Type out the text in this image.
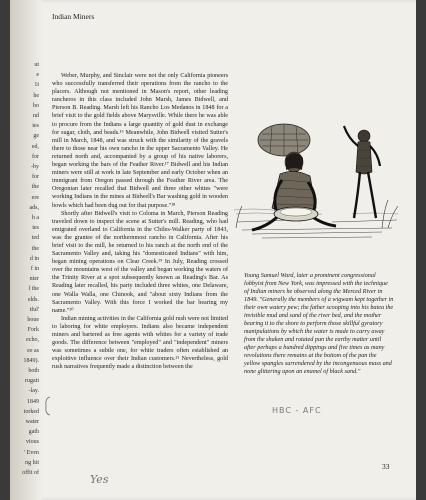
ut
e
1t
he
ho
nd
tes
ge
ed,
for
-by
for
the
ere
ads,
h a
tes
ted
the
d in
f in
nter
l the
elds.
tful'
boue
Fork
echo,
ee as
1849).
both
rugati
-lay.
1849
torked
water
gath
vious
' Even
ng hit
offit of
Indian Miners

Weber, Murphy, and Sinclair were not the only California pioneers who successfully transferred their operations from the rancho to the placers. Although not mentioned in Mason's report, other leading rancheros in this class included John Marsh, James Bidwell, and Pierson B. Reading. Marsh left his Rancho Los Medanos in 1848 for a brief visit to the gold fields above Marysville. While there he was able to procure from the Indians a large quantity of gold dust in exchange for sugar, cloth, and beads.¹⁶ Meanwhile, John Bidwell visited Sutter's mill in March, 1848, and was struck with the similarity of the gravels there to those near his own rancho in the upper Sacramento Valley. He returned north and, accompanied by a group of his native laborers, began working the bars of the Feather River.¹⁷ Bidwell and his Indian miners were still at work in late September and early October when an immigrant from Oregon passed through the Feather River area. The Oregonian later recalled that Bidwell and three other whites "were working Indians in the mines at Bidwell's Bar washing gold in wooden bowls which had been dug out for that purpose."¹⁸

Shortly after Bidwell's visit to Coloma in March, Pierson Reading traveled down to inspect the scene at Sutter's mill. Reading, who had emigrated overland to California in the Chiles-Walker party of 1843, was the grantee of the northernmost rancho in California. After his brief visit to the mill, he returned to his ranch at the north end of the Sacramento Valley and, taking his "domesticated Indians" with him, began mining operations on Clear Creek.¹⁹ In July, Reading crossed over the mountains west of the valley and began working the waters of the Trinity River at a spot subsequently known as Reading's Bar. As Reading later recalled, his party included three whites, one Delaware, one Walla Walla, one Chinook, and "about sixty Indians from the Sacramento Valley. With this force I worked the bar bearing my name."²⁰

Indian mining activities in the California gold rush were not limited to laboring for white employers. Indians also became independent miners and bartered as free agents with whites for a variety of trade goods. The difference between "employed" and "independent" miners was sometimes a subtle one, for white traders often established an exploitive influence over their Indian customers.²¹ Nevertheless, gold rush narratives frequently made a distinction between the

Young Samuel Ward, later a prominent congressional lobbyist from New York, was impressed with the technique of Indian miners he observed along the Merced River in 1849. "Generally the members of a wigwam kept together in their own watery pew; the father scooping into his batea the invisible mud and sand of the river bed, and the mother bearing it to the shore to perform those skillful gyratory manipulations by which the water is made to carry away from the shaken and rotated pan the earthy matter until after perhaps a hundred dippings and five times as many revolutions there remains at the bottom of the pan the yellow spangles surrendered by the incongenuous mass and none glittering upon an enamel of black sand."
HBC - AFC
Yes
33
